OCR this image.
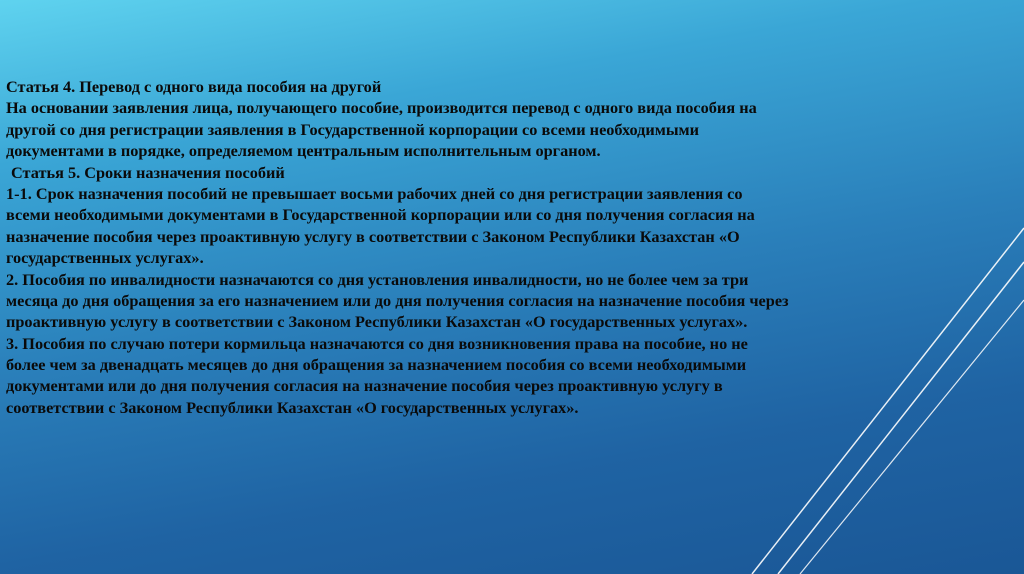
Статья 4. Перевод с одного вида пособия на другой
На основании заявления лица, получающего пособие, производится перевод с одного вида пособия на
другой со дня регистрации заявления в Государственной корпорации со всеми необходимыми
документами в порядке, определяемом центральным исполнительным органом.
Статья 5. Сроки назначения пособий
1-1. Срок назначения пособий не превышает восьми рабочих дней со дня регистрации заявления со
всеми необходимыми документами в Государственной корпорации или со дня получения согласия на
назначение пособия через проактивную услугу в соответствии с Законом Республики Казахстан «О
государственных услугах».
2. Пособия по инвалидности назначаются со дня установления инвалидности, но не более чем за три
месяца до дня обращения за его назначением или до дня получения согласия на назначение пособия через
проактивную услугу в соответствии с Законом Республики Казахстан «О государственных услугах».
3. Пособия по случаю потери кормильца назначаются со дня возникновения права на пособие, но не
более чем за двенадцать месяцев до дня обращения за назначением пособия со всеми необходимыми
документами или до дня получения согласия на назначение пособия через проактивную услугу в
соответствии с Законом Республики Казахстан «О государственных услугах».
